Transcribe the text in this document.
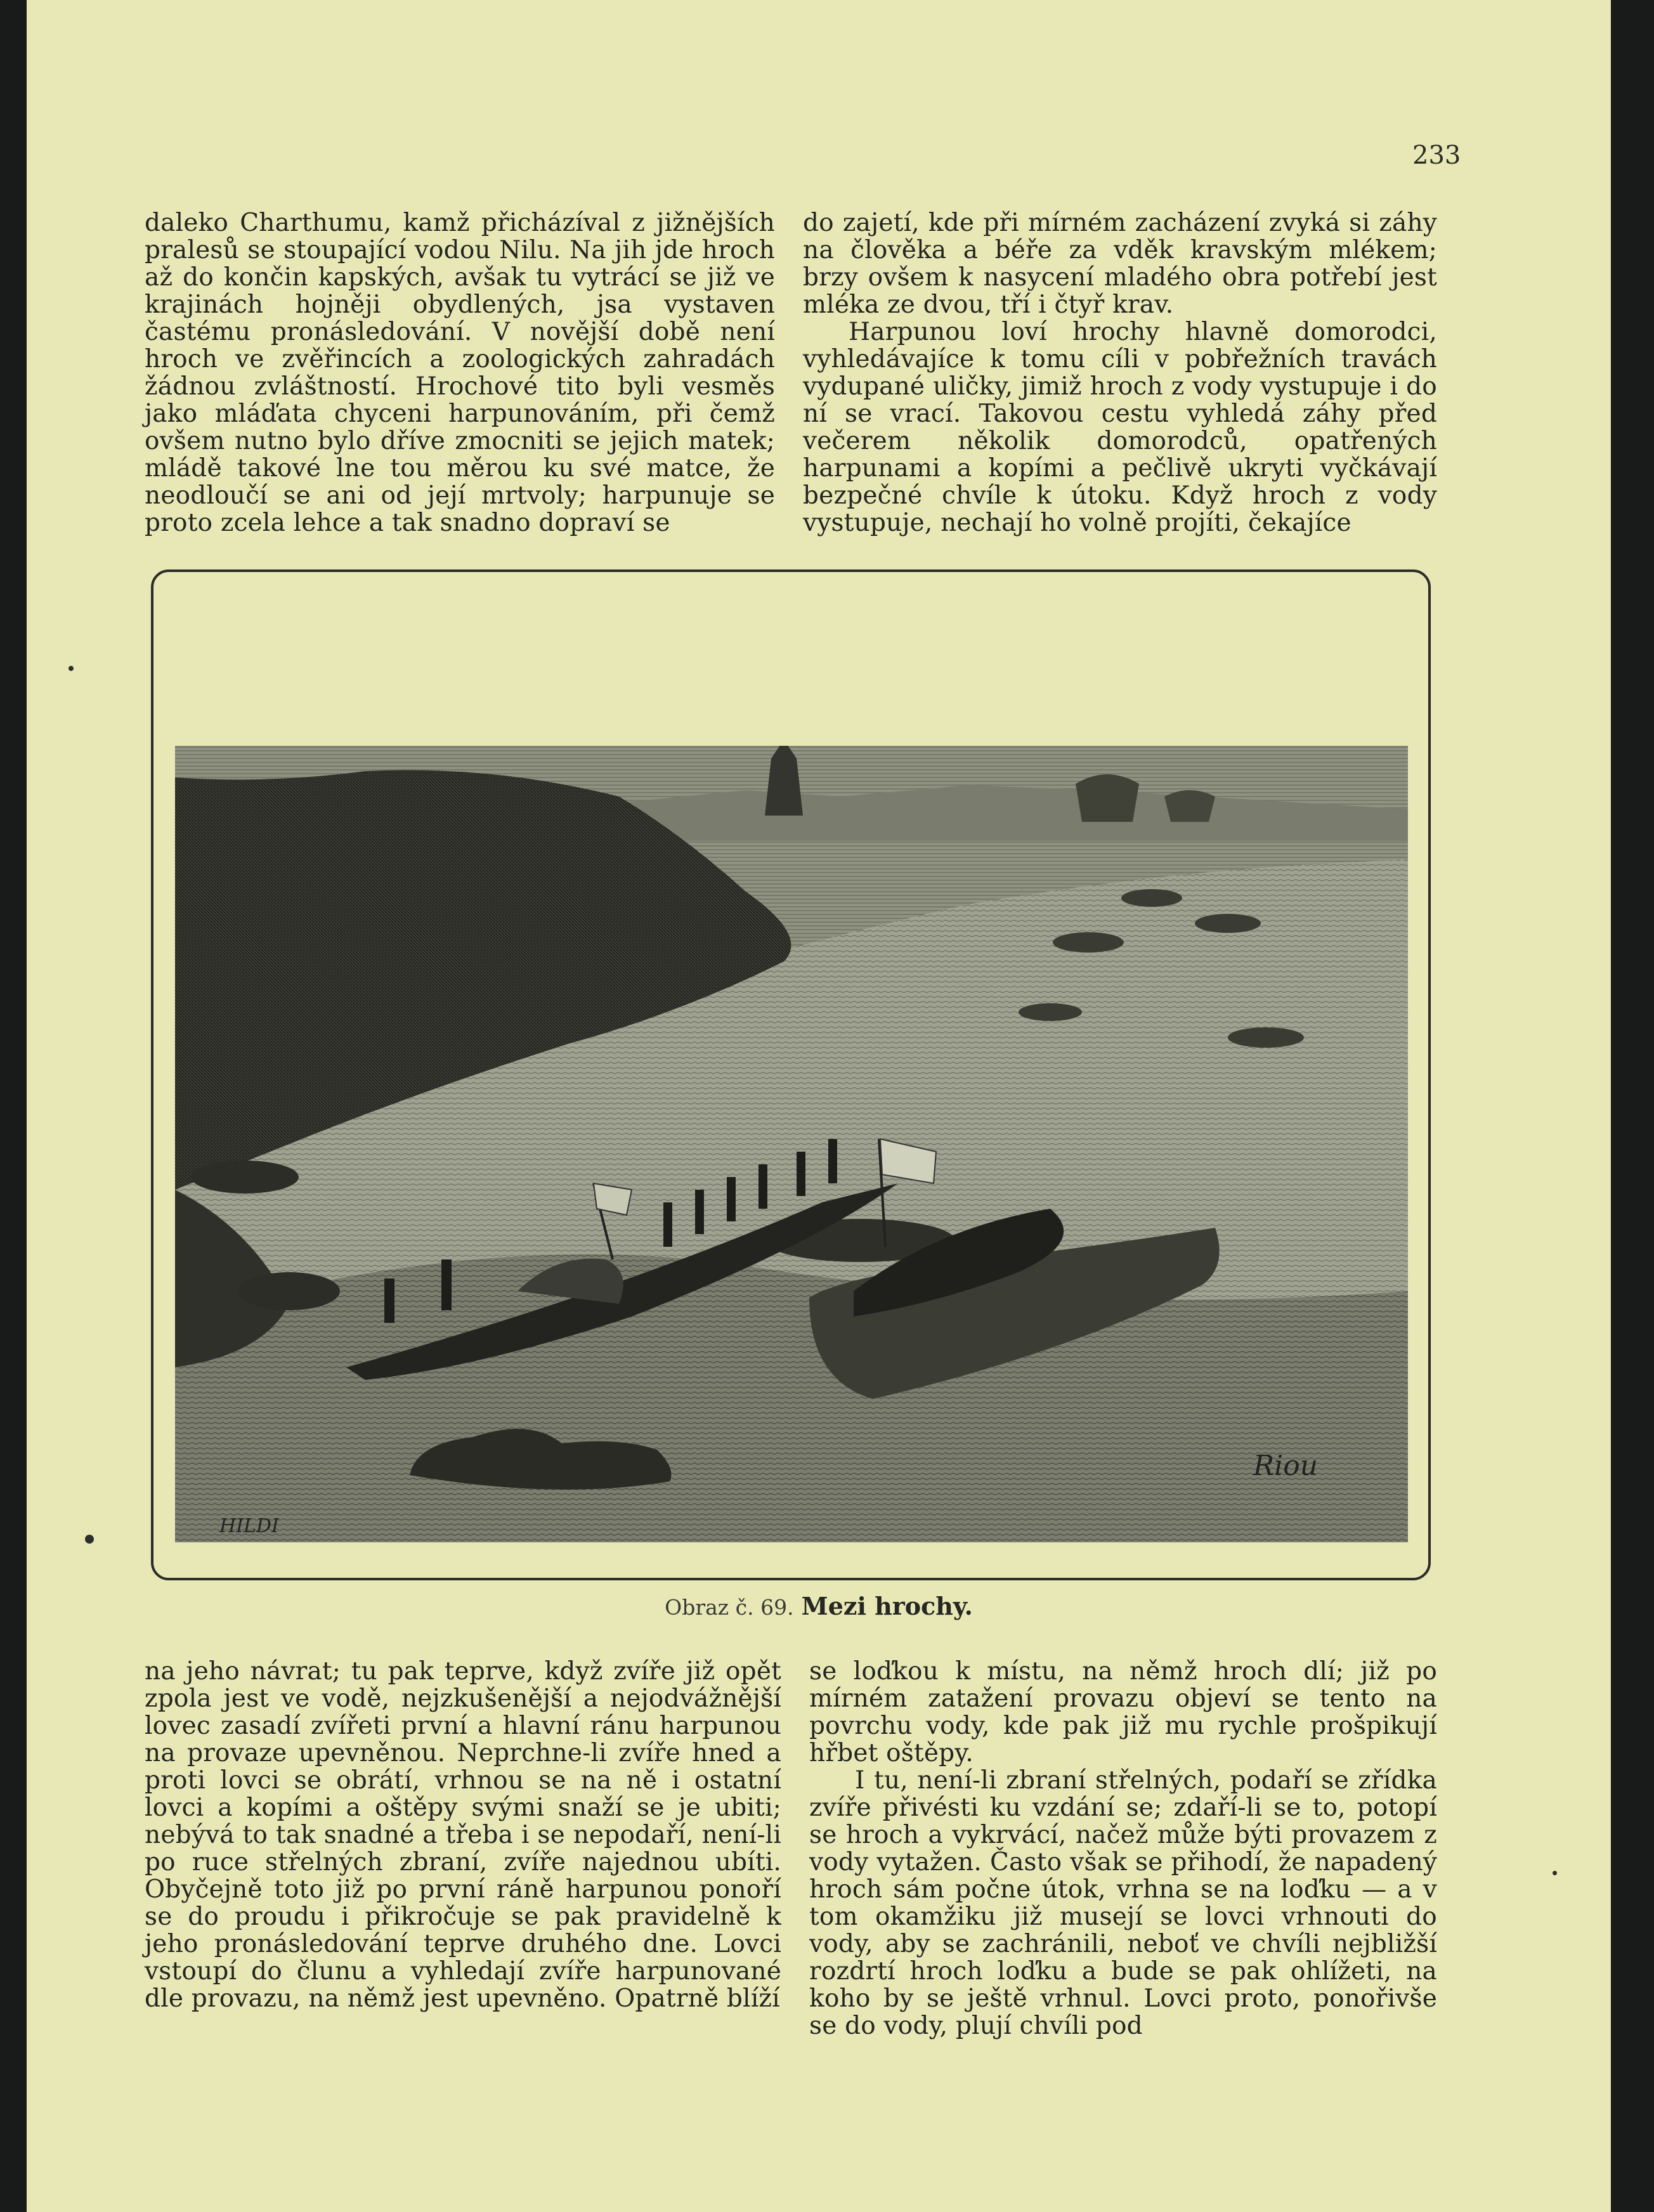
233

daleko Charthumu, kamž přicházíval z jižnějších pralesů se stoupající vodou Nilu. Na jih jde hroch až do končin kapských, avšak tu vytrácí se již ve krajinách hojněji obydlených, jsa vystaven častému pronásledování. V novější době není hroch ve zvěřincích a zoologických zahradách žádnou zvláštností. Hrochové tito byli vesměs jako mláďata chyceni harpunováním, při čemž ovšem nutno bylo dříve zmocniti se jejich matek; mládě takové lne tou měrou ku své matce, že neodloučí se ani od její mrtvoly; harpunuje se proto zcela lehce a tak snadno dopraví se

do zajetí, kde při mírném zacházení zvyká si záhy na člověka a béře za vděk kravským mlékem; brzy ovšem k nasycení mladého obra potřebí jest mléka ze dvou, tří i čtyř krav.

Harpunou loví hrochy hlavně domorodci, vyhledávajíce k tomu cíli v pobřežních travách vydupané uličky, jimiž hroch z vody vystupuje i do ní se vrací. Takovou cestu vyhledá záhy před večerem několik domorodců, opatřených harpunami a kopími a pečlivě ukryti vyčkávají bezpečné chvíle k útoku. Když hroch z vody vystupuje, nechají ho volně projíti, čekajíce

HILDI
Riou
Obraz č. 69. Mezi hrochy.

na jeho návrat; tu pak teprve, když zvíře již opět zpola jest ve vodě, nejzkušenější a nejodvážnější lovec zasadí zvířeti první a hlavní ránu harpunou na provaze upevněnou. Neprchne-li zvíře hned a proti lovci se obrátí, vrhnou se na ně i ostatní lovci a kopími a oštěpy svými snaží se je ubiti; nebývá to tak snadné a třeba i se nepodaří, není-li po ruce střelných zbraní, zvíře najednou ubíti. Obyčejně toto již po první ráně harpunou ponoří se do proudu i přikročuje se pak pravidelně k jeho pronásledování teprve druhého dne. Lovci vstoupí do člunu a vyhledají zvíře harpunované dle provazu, na němž jest upevněno. Opatrně blíží

se loďkou k místu, na němž hroch dlí; již po mírném zatažení provazu objeví se tento na povrchu vody, kde pak již mu rychle prošpikují hřbet oštěpy.

I tu, není-li zbraní střelných, podaří se zřídka zvíře přivésti ku vzdání se; zdaří-li se to, potopí se hroch a vykrvácí, načež může býti provazem z vody vytažen. Často však se přihodí, že napadený hroch sám počne útok, vrhna se na loďku — a v tom okamžiku již musejí se lovci vrhnouti do vody, aby se zachránili, neboť ve chvíli nejbližší rozdrtí hroch loďku a bude se pak ohlížeti, na koho by se ještě vrhnul. Lovci proto, ponořivše se do vody, plují chvíli pod
